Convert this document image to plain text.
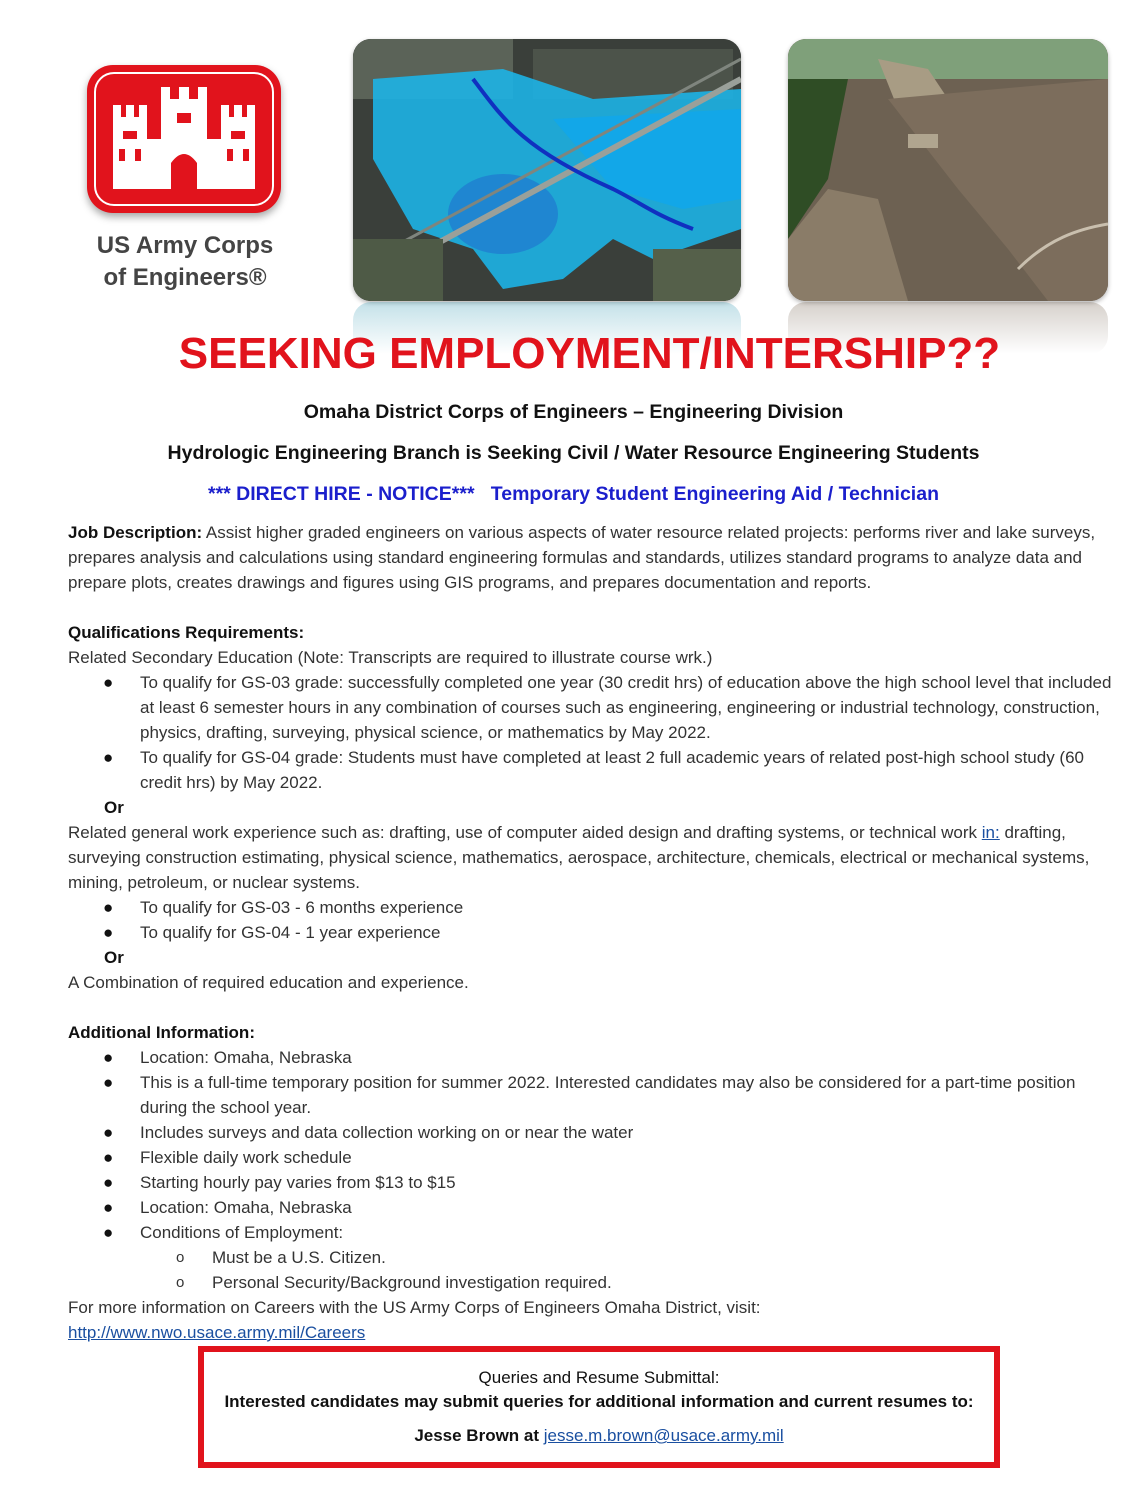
US Army Corps
of Engineers®
SEEKING EMPLOYMENT/INTERSHIP??
Omaha District Corps of Engineers – Engineering Division
Hydrologic Engineering Branch is Seeking Civil / Water Resource Engineering Students
*** DIRECT HIRE - NOTICE***   Temporary Student Engineering Aid / Technician

Job Description: Assist higher graded engineers on various aspects of water resource related projects: performs river and lake surveys, prepares analysis and calculations using standard engineering formulas and standards, utilizes standard programs to analyze data and prepare plots, creates drawings and figures using GIS programs, and prepares documentation and reports.

Qualifications Requirements:

Related Secondary Education (Note: Transcripts are required to illustrate course wrk.)

● To qualify for GS-03 grade: successfully completed one year (30 credit hrs) of education above the high school level that included at least 6 semester hours in any combination of courses such as engineering, engineering or industrial technology, construction, physics, drafting, surveying, physical science, or mathematics by May 2022.
● To qualify for GS-04 grade: Students must have completed at least 2 full academic years of related post-high school study (60 credit hrs) by May 2022.

Or

Related general work experience such as: drafting, use of computer aided design and drafting systems, or technical work in: drafting, surveying construction estimating, physical science, mathematics, aerospace, architecture, chemicals, electrical or mechanical systems, mining, petroleum, or nuclear systems.

● To qualify for GS-03 - 6 months experience
● To qualify for GS-04 - 1 year experience

Or

A Combination of required education and experience.

Additional Information:

● Location: Omaha, Nebraska
● This is a full-time temporary position for summer 2022. Interested candidates may also be considered for a part-time position during the school year.
● Includes surveys and data collection working on or near the water
● Flexible daily work schedule
● Starting hourly pay varies from $13 to $15
● Location: Omaha, Nebraska
● Conditions of Employment:
o Must be a U.S. Citizen.
o Personal Security/Background investigation required.

For more information on Careers with the US Army Corps of Engineers Omaha District, visit:

http://www.nwo.usace.army.mil/Careers

Queries and Resume Submittal:
Interested candidates may submit queries for additional information and current resumes to:
Jesse Brown at jesse.m.brown@usace.army.mil
